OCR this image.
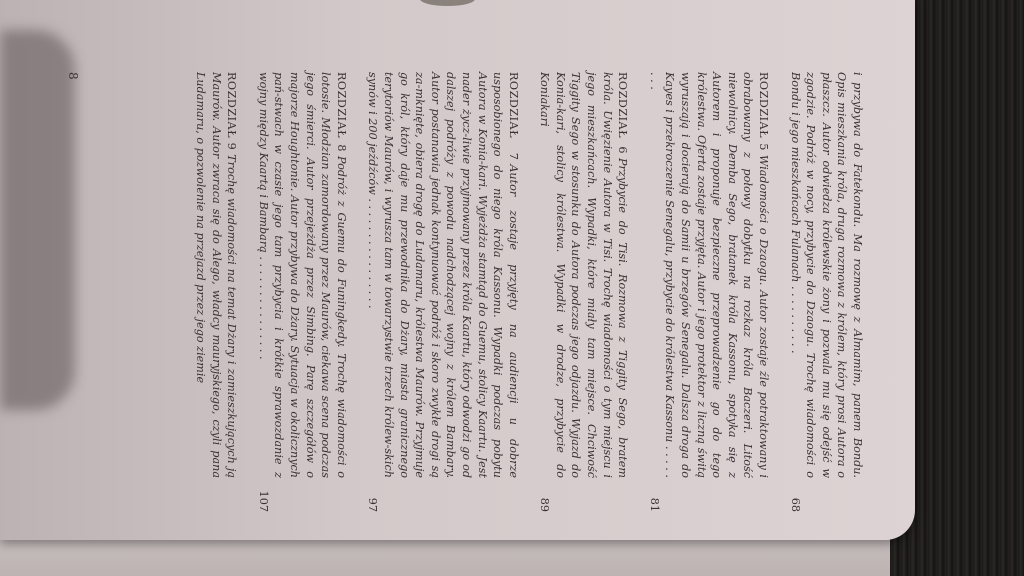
i przybywa do Fatekondu. Ma rozmowę z Almamim, panem Bondu. Opis mieszkania króla, druga rozmowa z królem, który prosi Autora o płaszcz. Autor odwiedza królewskie żony i pozwala mu się odejść w zgodzie. Podróż w nocy, przybycie do Dzaogu. Trochę wiadomości o Bondu i jego mieszkańcach Fulanach . . . . . . . . . .
68
ROZDZIAŁ 5Wiadomości o Dzaogu. Autor zostaje źle potraktowany i obrabowany z połowy dobytku na rozkaz króla Baczeri. Litość niewolnicy. Demba Sego, bratanek króla Kassonu, spotyka się z Autorem i proponuje bezpieczne przeprowadzenie go do tego królestwa. Oferta zostaje przyjęta. Autor i jego protektor z liczną świtą wyruszają i docierają do Samii u brzegów Senegalu. Dalsza droga do Kayes i przekroczenie Senegalu, przybycie do królestwa Kassonu . . . . . . . .
81
ROZDZIAŁ 6Przybycie do Tisi. Rozmowa z Tiggity Sego, bratem króla. Uwięzienie Autora w Tisi. Trochę wiadomości o tym miejscu i jego mieszkańcach. Wypadki, które miały tam miejsce. Chciwość Tiggity Sego w stosunku do Autora podczas jego odjazdu. Wyjazd do Konia-kari, stolicy królestwa. Wypadki w drodze, przybycie do Koniakari
89
ROZDZIAŁ 7Autor zostaje przyjęty na audiencji u dobrze usposobionego do niego króla Kassonu. Wypadki podczas pobytu Autora w Konia-kari. Wyjeżdża stamtąd do Guemu, stolicy Kaartu. Jest nader życz-liwie przyjmowany przez króla Kaartu, który odwodzi go od dalszej podróży z powodu nadchodzącej wojny z królem Bambary. Autor postanawia jednak kontynuować podróż i skoro zwykłe drogi są za-mknięte, obiera drogę do Ludamaru, królestwa Maurów. Przyjmuje go król, który daje mu przewodnika do Dżary, miasta granicznego terytoriów Maurów, i wyrusza tam w towarzystwie trzech królew-skich synów i 200 jeźdźców . . . . . . . . . . . . . . . .
97
ROZDZIAŁ 8Podróż z Guemu do Funingkedy. Trochę wiadomości o lotosie. Młodzian zamordowany przez Maurów, ciekawa scena podczas jego śmierci. Autor przejeżdża przez Simbing. Parę szczegółów o majorze Houghtonie. Autor przybywa do Dżary. Sytuacja w okolicznych pań-stwach w czasie jego tam przybycia i krótkie sprawozdanie z wojny między Kaartą i Bambarą . . . . . . . . . . . . . . .
107
ROZDZIAŁ 9Trochę wiadomości na temat Dżary i zamieszkujących ją Maurów. Autor zwraca się do Alego, władcy mauryjskiego, czyli pana Ludamaru, o pozwolenie na przejazd przez jego ziemie
8
